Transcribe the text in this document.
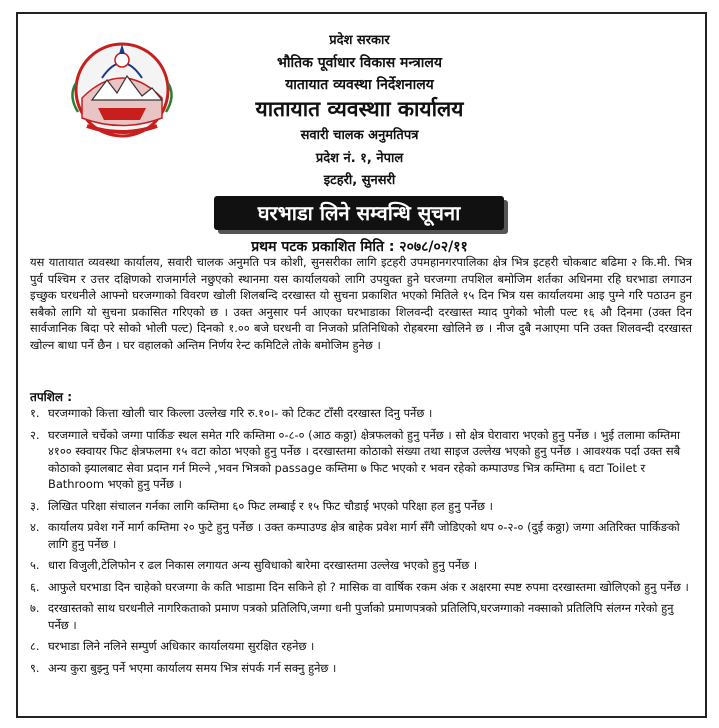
प्रदेश सरकार
भौतिक पूर्वाधार विकास मन्त्रालय
यातायात व्यवस्था निर्देशनालय
यातायात व्यवस्थाा कार्यालय
सवारी चालक अनुमतिपत्र
प्रदेश नं. १, नेपाल
इटहरी, सुनसरी
घरभाडा लिने सम्वन्धि सूचना
प्रथम पटक प्रकाशित मिति : २०७८/०२/११
यस यातायात व्यवस्था कार्यालय, सवारी चालक अनुमति पत्र कोशी, सुनसरीका लागि इटहरी उपमहानगरपालिका क्षेत्र भित्र इटहरी चोकबाट बढिमा २ कि.मी. भित्र पुर्व पश्चिम र उत्तर दक्षिणको राजमार्गले नछुएको स्थानमा यस कार्यालयको लागि उपयुक्त हुने घरजग्गा तपशिल बमोजिम शर्तका अधिनमा रहि घरभाडा लगाउन इच्छुक घरधनीले आफ्नो घरजग्गाको विवरण खोली शिलबन्दि दरखास्त यो सुचना प्रकाशित भएको मितिले १५ दिन भित्र यस कार्यालयमा आइ पुग्ने गरि पठाउन हुन सबैको लागि यो सुचना प्रकासित गरिएको छ । उक्त अनुसार पर्न आएका घरभाडाका शिलवन्दी दरखास्त म्याद पुगेको भोली पल्ट १६ औ दिनमा (उक्त दिन सार्वजानिक बिदा परे सोको भोली पल्ट) दिनको १.०० बजे घरधनी वा निजको प्रतिनिधिको रोहबरमा खोलिने छ । नीज दुबै नआएमा पनि उक्त शिलवन्दी दरखास्त खोल्न बाधा पर्ने छैन । घर वहालको अन्तिम निर्णय रेन्ट कमिटिले तोके बमोजिम हुनेछ ।
तपशिल :
१. घरजग्गाको कित्ता खोली चार किल्ला उल्लेख गरि रु.१०।- को टिकट टाँसी दरखास्त दिनु पर्नेछ ।
२. घरजग्गाले चर्चेको जग्गा पार्किङ स्थल समेत गरि कम्तिमा ०-८-० (आठ कठ्ठा) क्षेत्रफलको हुनु पर्नेछ । सो क्षेत्र घेरावारा भएको हुनु पर्नेछ । भुई तलामा कम्तिमा ४१०० स्क्वायर फिट क्षेत्रफलमा १५ वटा कोठा भएको हुनु पर्नेछ । दरखास्तमा कोठाको संख्या तथा साइज उल्लेख भएको हुनु पर्नेछ । आवश्यक पर्दा उक्त सबै कोठाको झ्यालबाट सेवा प्रदान गर्न मिल्ने ,भवन भित्रको passage कम्तिमा ७ फिट भएको र भवन रहेको कम्पाउण्ड भित्र कम्तिमा ६ वटा Toilet र Bathroom भएको हुनु पर्नेछ ।
३. लिखित परिक्षा संचालन गर्नका लागि कम्तिमा ६० फिट लम्बाई र १५ फिट चौडाई भएको परिक्षा हल हुनु पर्नेछ ।
४. कार्यालय प्रवेश गर्ने मार्ग कम्तिमा २० फुटे हुनु पर्नेछ । उक्त कम्पाउण्ड क्षेत्र बाहेक प्रवेश मार्ग सँगै जोडिएको थप ०-२-० (दुई कठ्ठा) जग्गा अतिरिक्त पार्किङको लागि हुनु पर्नेछ ।
५. धारा विजुली,टेलिफोन र ढल निकास लगायत अन्य सुविधाको बारेमा दरखास्तमा उल्लेख भएको हुनु पर्नेछ ।
६. आफुले घरभाडा दिन चाहेको घरजग्गा के कति भाडामा दिन सकिने हो ? मासिक वा वार्षिक रकम अंक र अक्षरमा स्पष्ट रुपमा दरखास्तमा खोलिएको हुनु पर्नेछ ।
७. दरखास्तको साथ घरधनीले नागरिकताको प्रमाण पत्रको प्रतिलिपि,जग्गा धनी पुर्जाको प्रमाणपत्रको प्रतिलिपि,घरजग्गाको नक्साको प्रतिलिपि संलग्न गरेको हुनु पर्नेछ ।
८. घरभाडा लिने नलिने सम्पुर्ण अधिकार कार्यालयमा सुरक्षित रहनेछ ।
९. अन्य कुरा बुझ्नु पर्ने भएमा कार्यालय समय भित्र संपर्क गर्न सक्नु हुनेछ ।
